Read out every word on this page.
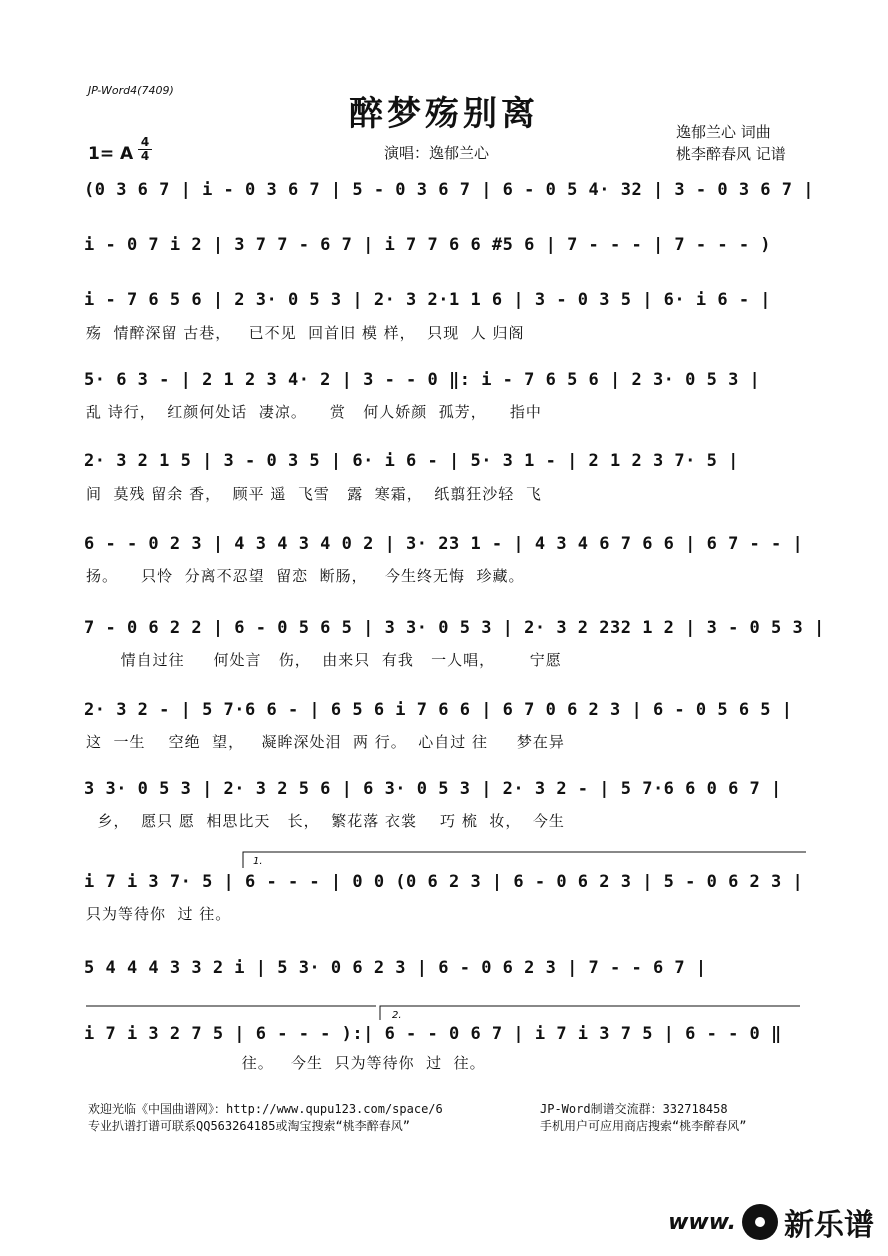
JP-Word4(7409)
醉梦殇别离
1= A
4
4	演唱：逸郁兰心
逸郁兰心 词曲
桃李醉春风 记谱
1.
2.
(0 3 6 7 | i - 0 3 6 7 | 5 - 0 3 6 7 | 6 - 0 5 4· 32 | 3 - 0 3 6 7 |
i - 0 7 i 2 | 3 7 7 - 6 7 | i 7 7 6 6 #5 6 | 7 - - - | 7 - - - )
i - 7 6 5 6 | 2 3· 0 5 3 | 2· 3 2·1 1 6 | 3 - 0 3 5 | 6· i 6 - |
殇  情醉深留 古巷，   已不见  回首旧 模 样，  只现  人 归阁
5· 6 3 - | 2 1 2 3 4· 2 | 3 - - 0 ‖: i - 7 6 5 6 | 2 3· 0 5 3 |
乱 诗行，  红颜何处话  凄凉。    赏   何人娇颜  孤芳，    指中
2· 3 2 1 5 | 3 - 0 3 5 | 6· i 6 - | 5· 3 1 - | 2 1 2 3 7· 5 |
间  莫残 留余 香，  顾平 遥  飞雪   露  寒霜，  纸翦狂沙轻  飞
6 - - 0 2 3 | 4 3 4 3 4 0 2 | 3· 23 1 - | 4 3 4 6 7 6 6 | 6 7 - - |
扬。    只怜  分离不忍望  留恋  断肠，   今生终无悔  珍藏。
7 - 0 6 2 2 | 6 - 0 5 6 5 | 3 3· 0 5 3 | 2· 3 2 232 1 2 | 3 - 0 5 3 |
情自过往     何处言   伤，  由来只  有我   一人唱，      宁愿
2· 3 2 - | 5 7·6 6 - | 6 5 6 i 7 6 6 | 6 7 0 6 2 3 | 6 - 0 5 6 5 |
这  一生    空绝  望，   凝眸深处泪  两 行。  心自过 往     梦在异
3 3· 0 5 3 | 2· 3 2 5 6 | 6 3· 0 5 3 | 2· 3 2 - | 5 7·6 6 0 6 7 |
乡，  愿只 愿  相思比天   长，  繁花落 衣裳    巧 梳  妆，  今生
i 7 i 3 7· 5 | 6 - - - | 0 0 (0 6 2 3 | 6 - 0 6 2 3 | 5 - 0 6 2 3 |
只为等待你  过 往。
5 4 4 4 3 3 2 i | 5 3· 0 6 2 3 | 6 - 0 6 2 3 | 7 - - 6 7 |
i 7 i 3 2 7 5 | 6 - - - ):| 6 - - 0 6 7 | i 7 i 3 7 5 | 6 - - 0 ‖
往。   今生  只为等待你  过  往。
欢迎光临《中国曲谱网》：http://www.qupu123.com/space/6
专业扒谱打谱可联系QQ563264185或淘宝搜索“桃李醉春风”
JP-Word制谱交流群：332718458
手机用户可应用商店搜索“桃李醉春风”
www. 新乐谱
